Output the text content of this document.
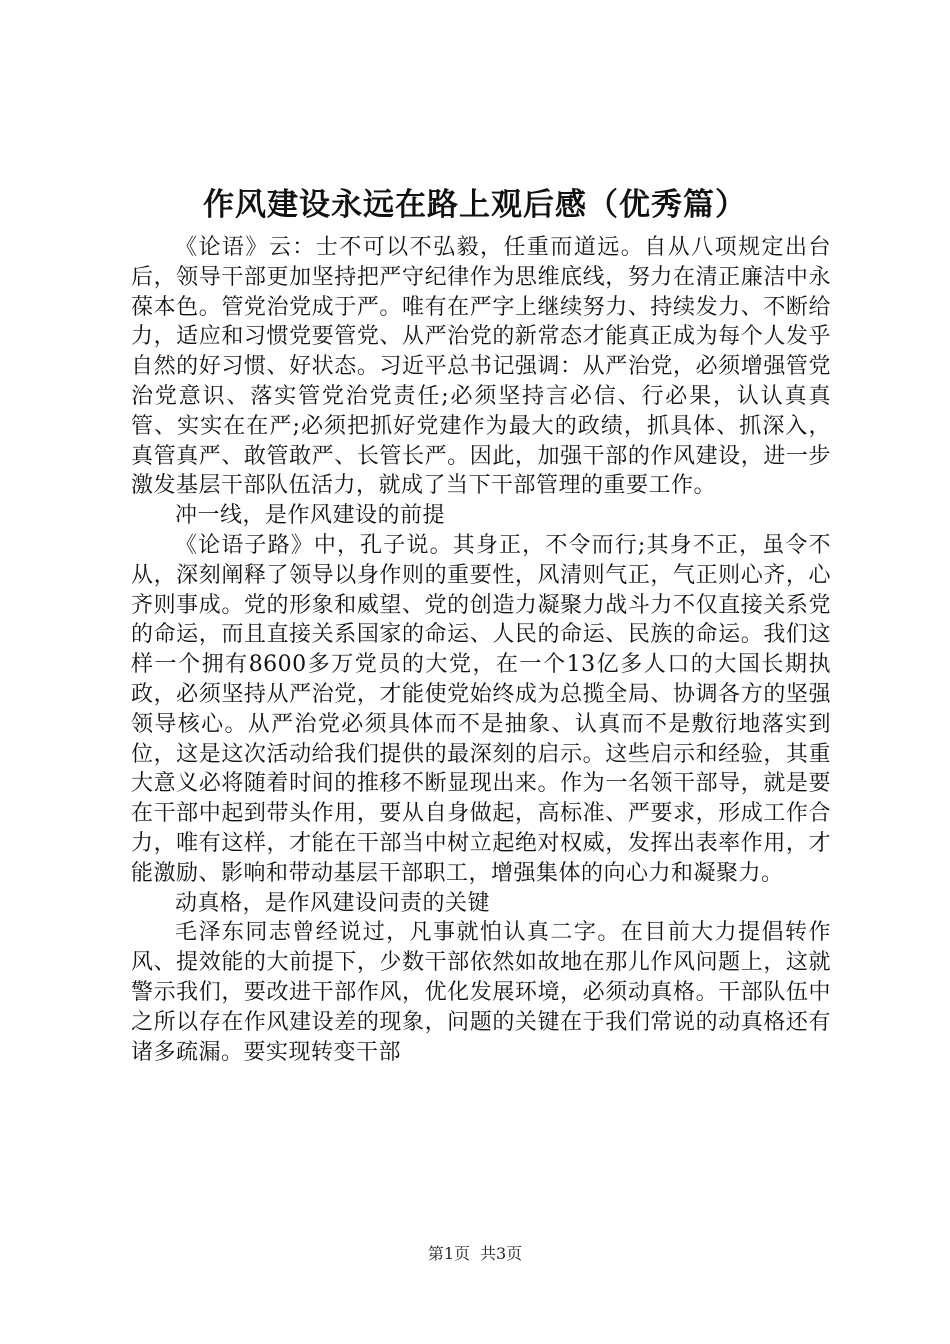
作风建设永远在路上观后感（优秀篇）

《论语》云：士不可以不弘毅，任重而道远。自从八项规定出台后，领导干部更加坚持把严守纪律作为思维底线，努力在清正廉洁中永葆本色。管党治党成于严。唯有在严字上继续努力、持续发力、不断给力，适应和习惯党要管党、从严治党的新常态才能真正成为每个人发乎自然的好习惯、好状态。习近平总书记强调：从严治党，必须增强管党治党意识、落实管党治党责任;必须坚持言必信、行必果，认认真真管、实实在在严;必须把抓好党建作为最大的政绩，抓具体、抓深入，真管真严、敢管敢严、长管长严。因此，加强干部的作风建设，进一步激发基层干部队伍活力，就成了当下干部管理的重要工作。

冲一线，是作风建设的前提

《论语子路》中，孔子说。其身正，不令而行;其身不正，虽令不从，深刻阐释了领导以身作则的重要性，风清则气正，气正则心齐，心齐则事成。党的形象和威望、党的创造力凝聚力战斗力不仅直接关系党的命运，而且直接关系国家的命运、人民的命运、民族的命运。我们这样一个拥有8600多万党员的大党，在一个13亿多人口的大国长期执政，必须坚持从严治党，才能使党始终成为总揽全局、协调各方的坚强领导核心。从严治党必须具体而不是抽象、认真而不是敷衍地落实到位，这是这次活动给我们提供的最深刻的启示。这些启示和经验，其重大意义必将随着时间的推移不断显现出来。作为一名领干部导，就是要在干部中起到带头作用，要从自身做起，高标准、严要求，形成工作合力，唯有这样，才能在干部当中树立起绝对权威，发挥出表率作用，才能激励、影响和带动基层干部职工，增强集体的向心力和凝聚力。

动真格，是作风建设问责的关键

毛泽东同志曾经说过，凡事就怕认真二字。在目前大力提倡转作风、提效能的大前提下，少数干部依然如故地在那儿作风问题上，这就警示我们，要改进干部作风，优化发展环境，必须动真格。干部队伍中之所以存在作风建设差的现象，问题的关键在于我们常说的动真格还有诸多疏漏。要实现转变干部

第1页 共3页
